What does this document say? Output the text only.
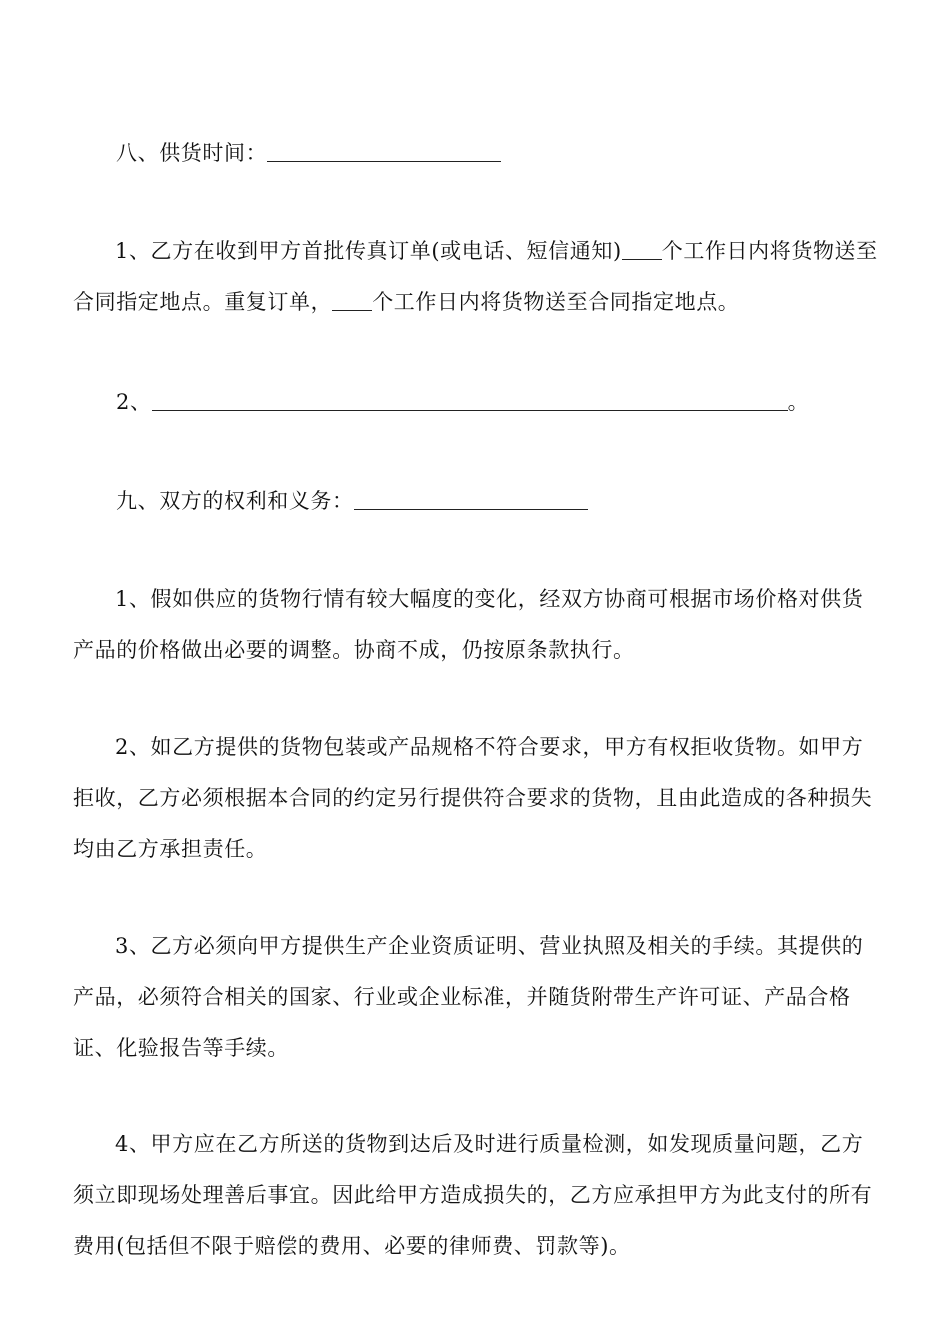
八、供货时间：

1、乙方在收到甲方首批传真订单(或电话、短信通知) 个工作日内将货物送至合同指定地点。重复订单， 个工作日内将货物送至合同指定地点。

2、	。

九、双方的权利和义务：

1、假如供应的货物行情有较大幅度的变化，经双方协商可根据市场价格对供货产品的价格做出必要的调整。协商不成，仍按原条款执行。

2、如乙方提供的货物包装或产品规格不符合要求，甲方有权拒收货物。如甲方拒收，乙方必须根据本合同的约定另行提供符合要求的货物，且由此造成的各种损失均由乙方承担责任。

3、乙方必须向甲方提供生产企业资质证明、营业执照及相关的手续。其提供的产品，必须符合相关的国家、行业或企业标准，并随货附带生产许可证、产品合格证、化验报告等手续。

4、甲方应在乙方所送的货物到达后及时进行质量检测，如发现质量问题，乙方须立即现场处理善后事宜。因此给甲方造成损失的，乙方应承担甲方为此支付的所有费用(包括但不限于赔偿的费用、必要的律师费、罚款等)。
